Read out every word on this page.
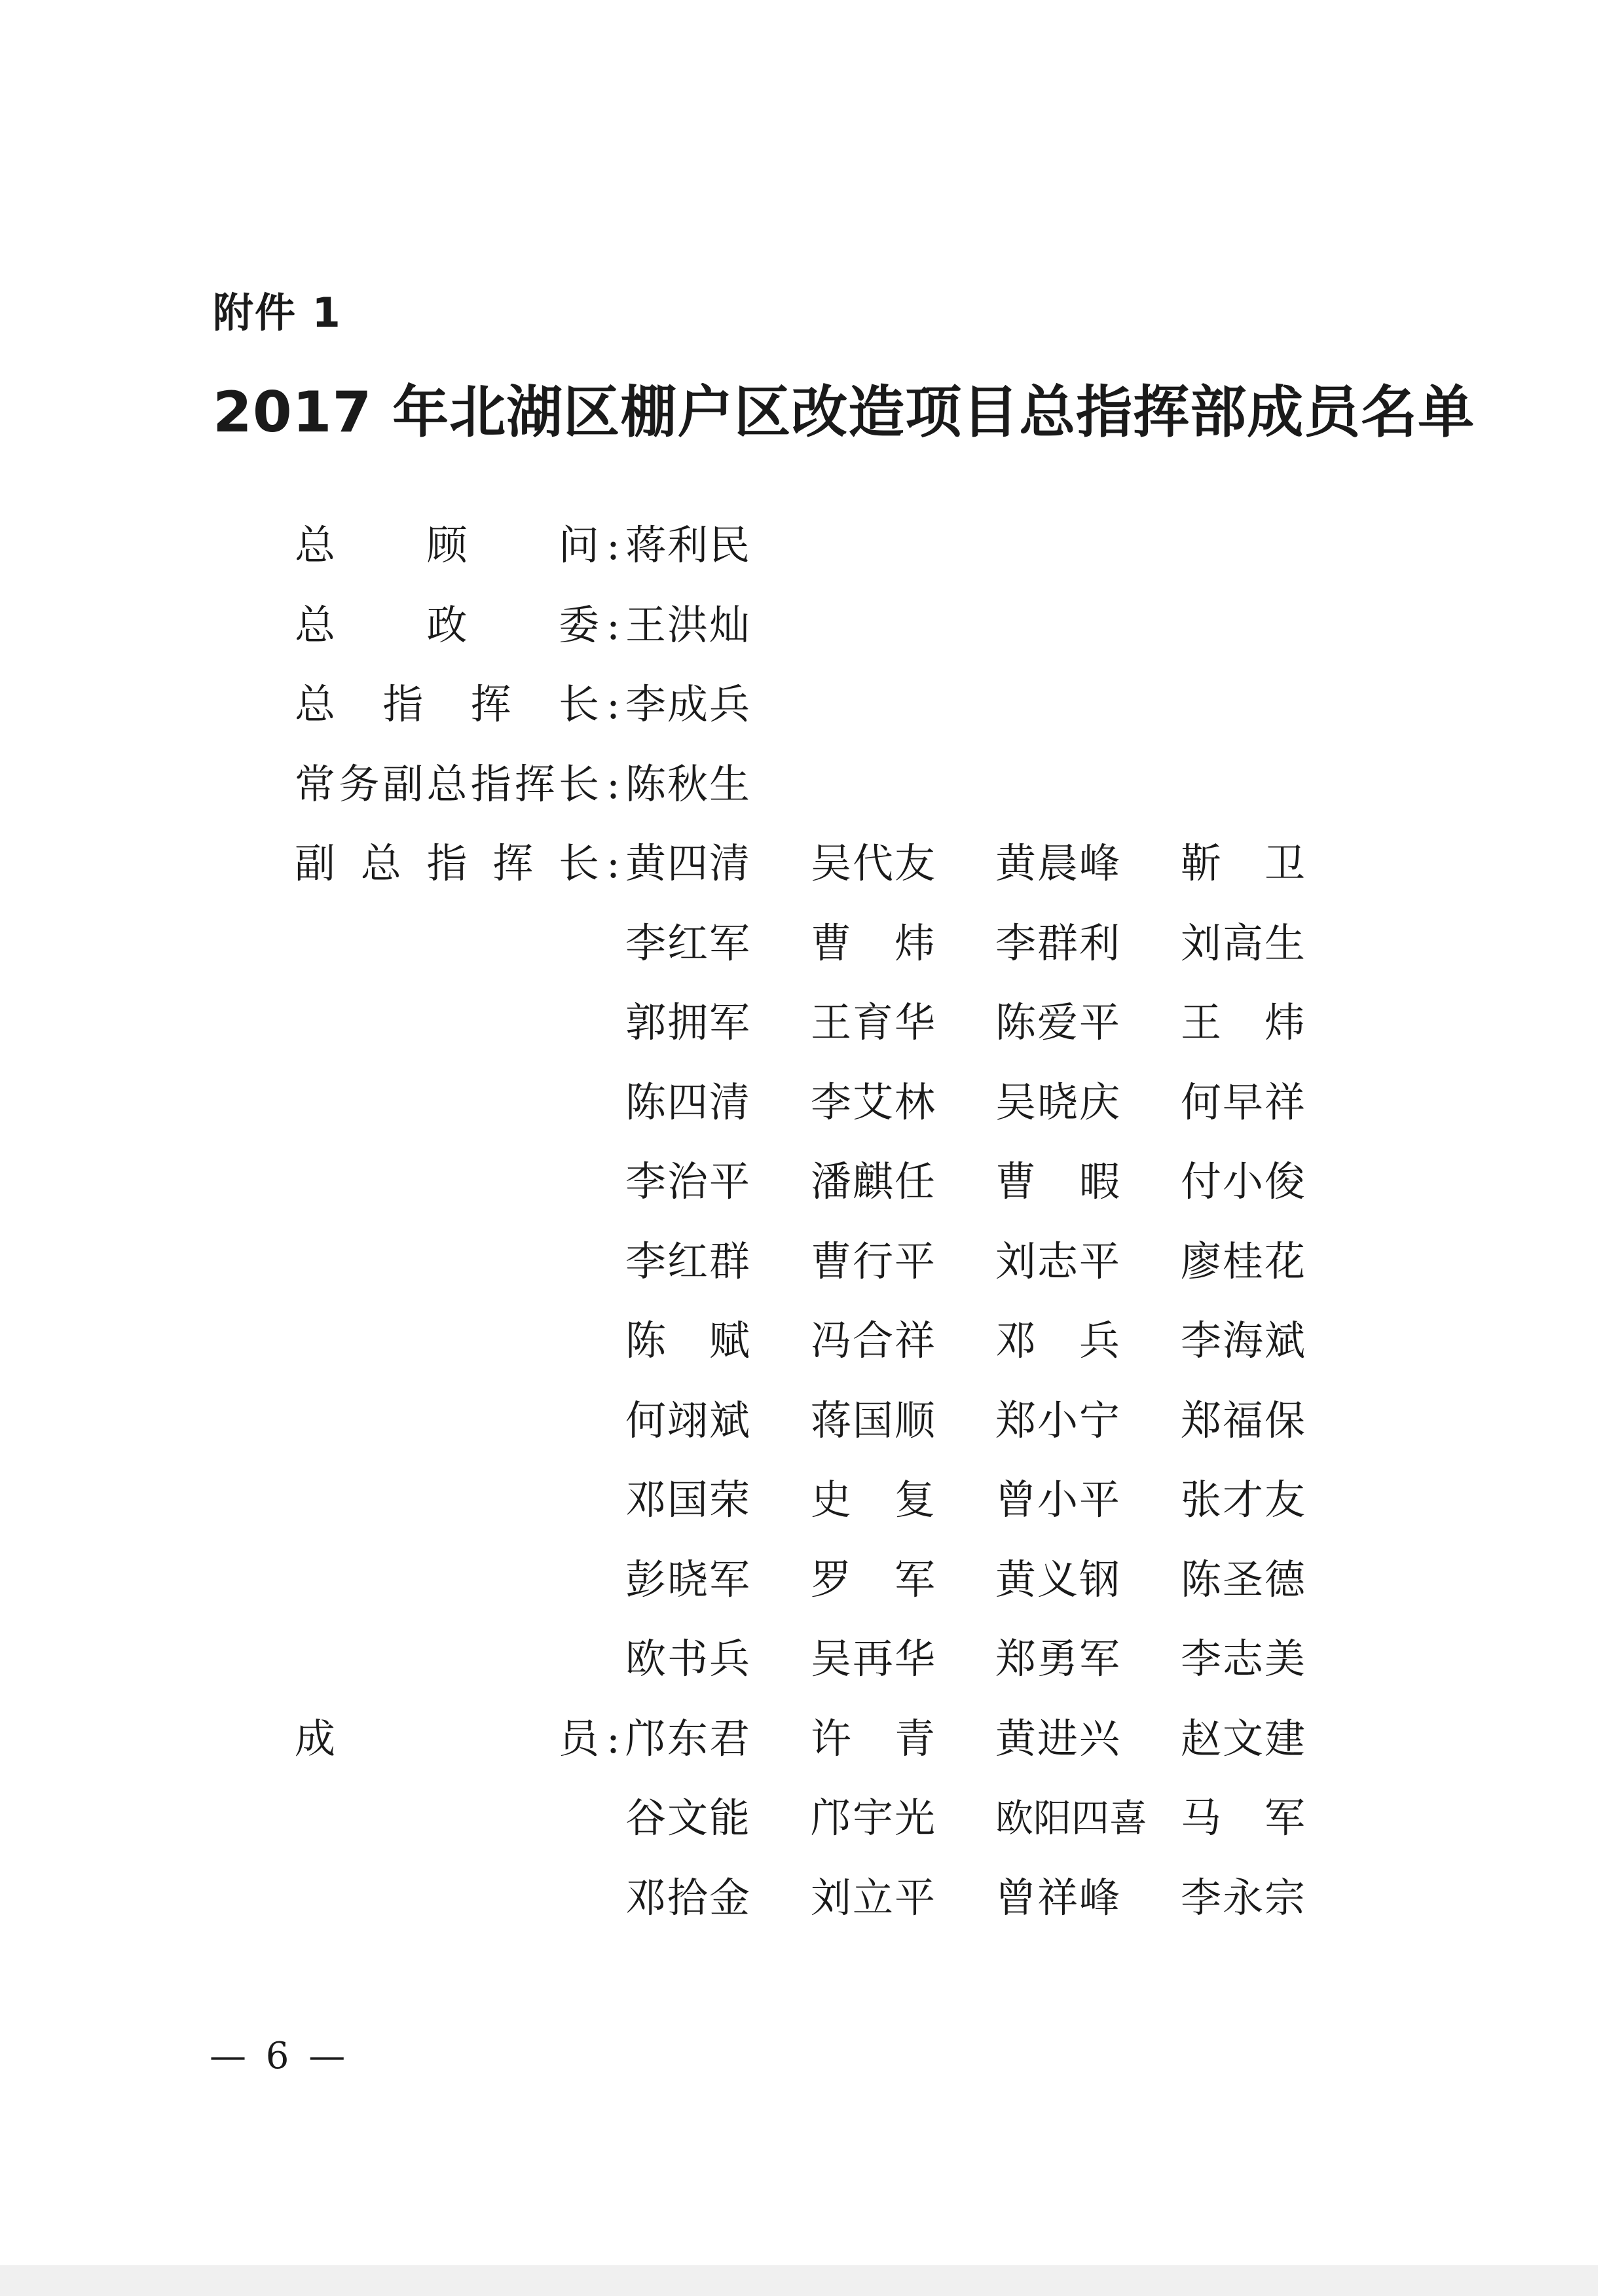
附件 1
2017 年北湖区棚户区改造项目总指挥部成员名单
总 顾 问 : 蒋 利 民
总 政 委 : 王 洪 灿
总 指 挥 长 : 李 成 兵
常 务 副 总 指 挥 长 : 陈 秋 生
副 总 指 挥 长 : 黄 四 清 吴 代 友 黄 晨 峰 靳 卫
李 红 军 曹 炜 李 群 利 刘 高 生
郭 拥 军 王 育 华 陈 爱 平 王 炜
陈 四 清 李 艾 林 吴 晓 庆 何 早 祥
李 治 平 潘 麒 任 曹 暇 付 小 俊
李 红 群 曹 行 平 刘 志 平 廖 桂 花
陈 赋 冯 合 祥 邓 兵 李 海 斌
何 翊 斌 蒋 国 顺 郑 小 宁 郑 福 保
邓 国 荣 史 复 曾 小 平 张 才 友
彭 晓 军 罗 军 黄 义 钢 陈 圣 德
欧 书 兵 吴 再 华 郑 勇 军 李 志 美
成	员 : 邝 东 君 许 青 黄 进 兴 赵 文 建
谷 文 能 邝 宇 光 欧 阳 四 喜 马 军
邓 拾 金 刘 立 平 曾 祥 峰 李 永 宗
— 6 —
